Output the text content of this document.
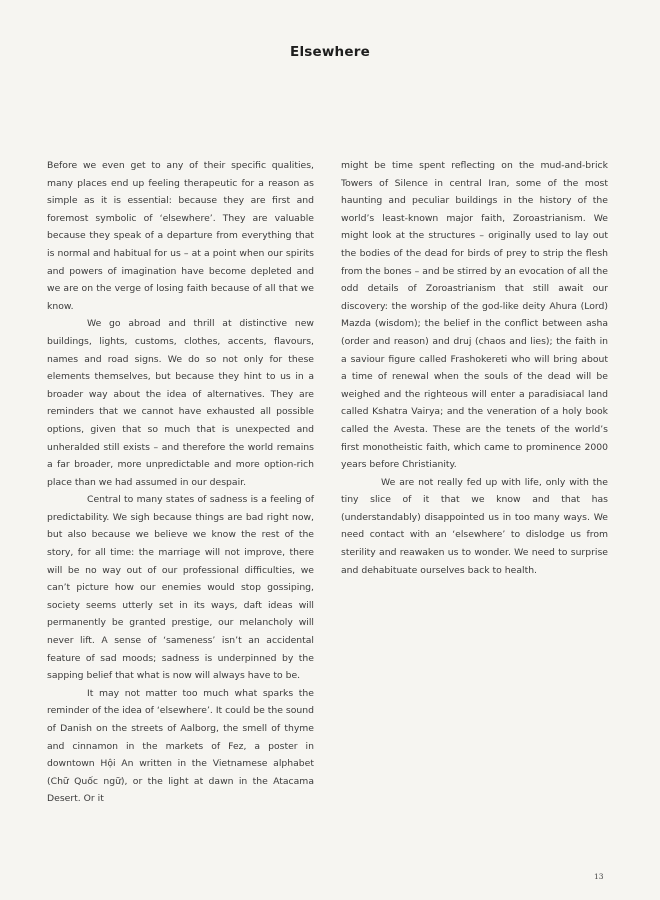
Elsewhere

Before we even get to any of their specific qualities, many places end up feeling therapeutic for a reason as simple as it is essential: because they are first and foremost symbolic of ‘elsewhere’. They are valuable because they speak of a departure from everything that is normal and habitual for us – at a point when our spirits and powers of imagination have become depleted and we are on the verge of losing faith because of all that we know.

We go abroad and thrill at distinctive new buildings, lights, customs, clothes, accents, flavours, names and road signs. We do so not only for these elements themselves, but because they hint to us in a broader way about the idea of alternatives. They are reminders that we cannot have exhausted all possible options, given that so much that is unexpected and unheralded still exists – and therefore the world remains a far broader, more unpredictable and more option-rich place than we had assumed in our despair.

Central to many states of sadness is a feeling of predictability. We sigh because things are bad right now, but also because we believe we know the rest of the story, for all time: the marriage will not improve, there will be no way out of our professional difficulties, we can’t picture how our enemies would stop gossiping, society seems utterly set in its ways, daft ideas will permanently be granted prestige, our melancholy will never lift. A sense of ‘sameness’ isn’t an accidental feature of sad moods; sadness is underpinned by the sapping belief that what is now will always have to be.

It may not matter too much what sparks the reminder of the idea of ‘elsewhere’. It could be the sound of Danish on the streets of Aalborg, the smell of thyme and cinnamon in the markets of Fez, a poster in downtown Hội An written in the Vietnamese alphabet (Chữ Quốc ngữ), or the light at dawn in the Atacama Desert. Or it

might be time spent reflecting on the mud-and-brick Towers of Silence in central Iran, some of the most haunting and peculiar buildings in the history of the world’s least-known major faith, Zoroastrianism. We might look at the structures – originally used to lay out the bodies of the dead for birds of prey to strip the flesh from the bones – and be stirred by an evocation of all the odd details of Zoroastrianism that still await our discovery: the worship of the god-like deity Ahura (Lord) Mazda (wisdom); the belief in the conflict between asha (order and reason) and druj (chaos and lies); the faith in a saviour figure called Frashokereti who will bring about a time of renewal when the souls of the dead will be weighed and the righteous will enter a paradisiacal land called Kshatra Vairya; and the veneration of a holy book called the Avesta. These are the tenets of the world’s first monotheistic faith, which came to prominence 2000 years before Christianity.

We are not really fed up with life, only with the tiny slice of it that we know and that has (understandably) disappointed us in too many ways. We need contact with an ‘elsewhere’ to dislodge us from sterility and reawaken us to wonder. We need to surprise and dehabituate ourselves back to health.

13
